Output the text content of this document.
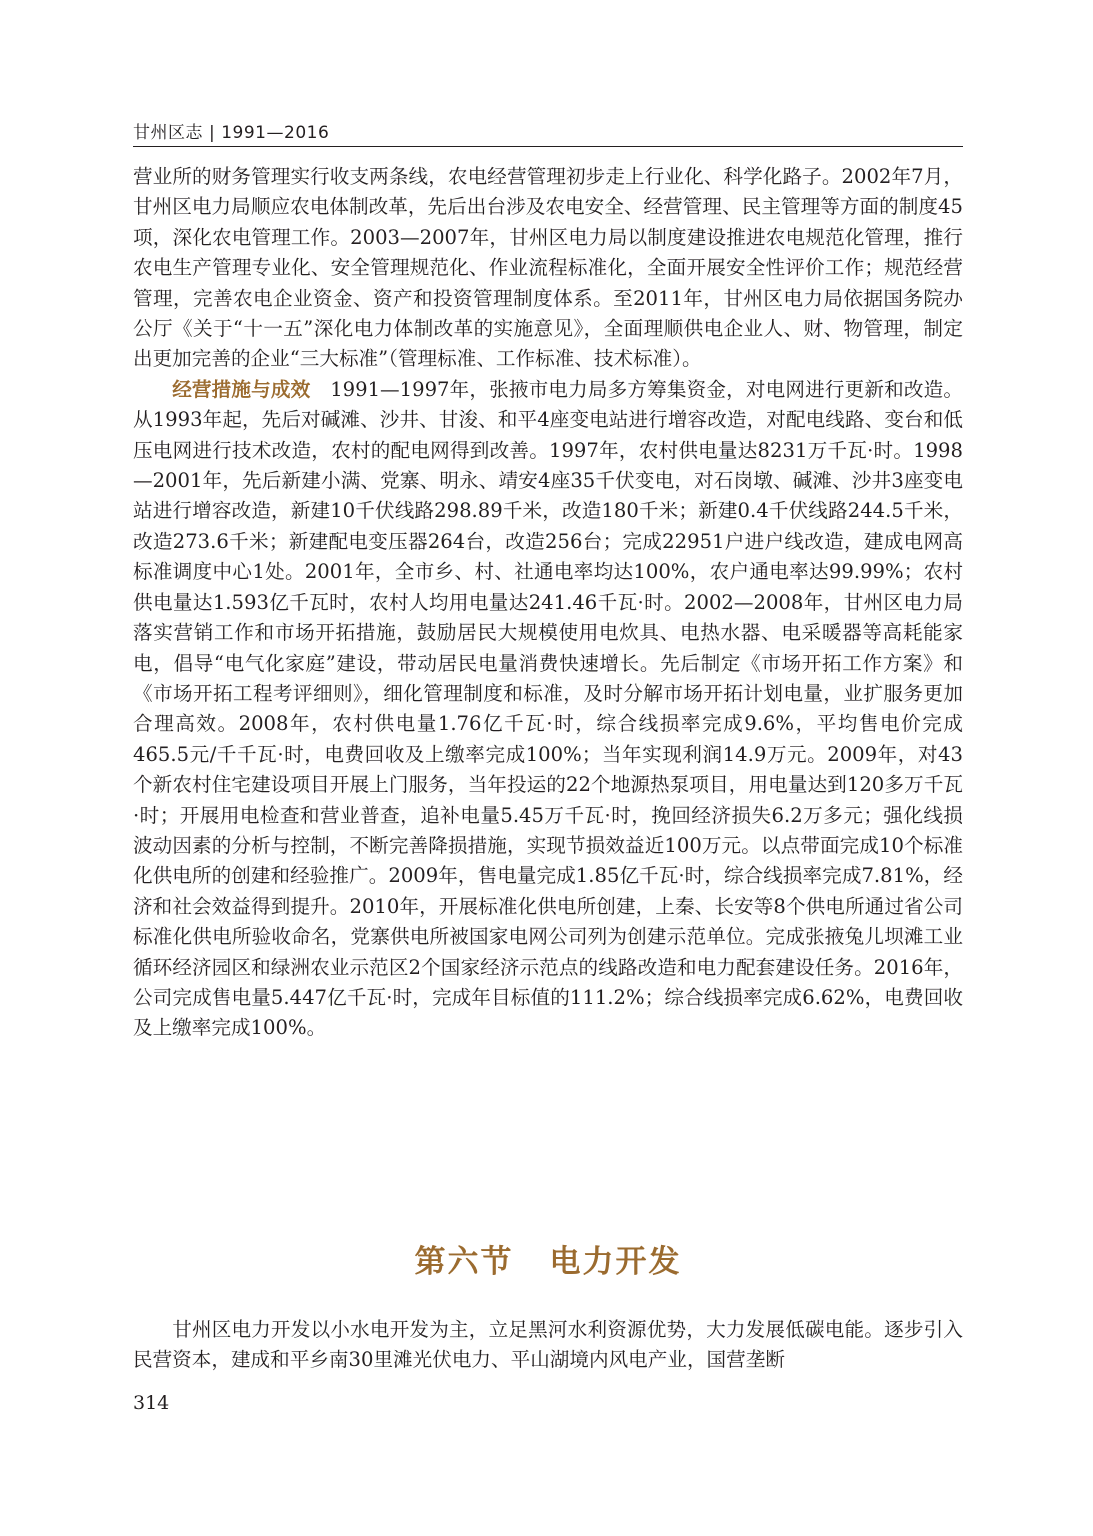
甘州区志 | 1991—2016

营业所的财务管理实行收支两条线，农电经营管理初步走上行业化、科学化路子。2002年7月，甘州区电力局顺应农电体制改革，先后出台涉及农电安全、经营管理、民主管理等方面的制度45项，深化农电管理工作。2003—2007年，甘州区电力局以制度建设推进农电规范化管理，推行农电生产管理专业化、安全管理规范化、作业流程标准化，全面开展安全性评价工作；规范经营管理，完善农电企业资金、资产和投资管理制度体系。至2011年，甘州区电力局依据国务院办公厅《关于“十一五”深化电力体制改革的实施意见》，全面理顺供电企业人、财、物管理，制定出更加完善的企业“三大标准”（管理标准、工作标准、技术标准）。

经营措施与成效　 1991—1997年，张掖市电力局多方筹集资金，对电网进行更新和改造。从1993年起，先后对碱滩、沙井、甘浚、和平4座变电站进行增容改造，对配电线路、变台和低压电网进行技术改造，农村的配电网得到改善。1997年，农村供电量达8231万千瓦·时。1998—2001年，先后新建小满、党寨、明永、靖安4座35千伏变电，对石岗墩、碱滩、沙井3座变电站进行增容改造，新建10千伏线路298.89千米，改造180千米；新建0.4千伏线路244.5千米，改造273.6千米；新建配电变压器264台，改造256台；完成22951户进户线改造，建成电网高标准调度中心1处。2001年，全市乡、村、社通电率均达100%，农户通电率达99.99%；农村供电量达1.593亿千瓦时，农村人均用电量达241.46千瓦·时。2002—2008年，甘州区电力局落实营销工作和市场开拓措施，鼓励居民大规模使用电炊具、电热水器、电采暖器等高耗能家电，倡导“电气化家庭”建设，带动居民电量消费快速增长。先后制定《市场开拓工作方案》和《市场开拓工程考评细则》，细化管理制度和标准，及时分解市场开拓计划电量，业扩服务更加合理高效。2008年，农村供电量1.76亿千瓦·时，综合线损率完成9.6%，平均售电价完成465.5元/千千瓦·时，电费回收及上缴率完成100%；当年实现利润14.9万元。2009年，对43个新农村住宅建设项目开展上门服务，当年投运的22个地源热泵项目，用电量达到120多万千瓦·时；开展用电检查和营业普查，追补电量5.45万千瓦·时，挽回经济损失6.2万多元；强化线损波动因素的分析与控制，不断完善降损措施，实现节损效益近100万元。以点带面完成10个标准化供电所的创建和经验推广。2009年，售电量完成1.85亿千瓦·时，综合线损率完成7.81%，经济和社会效益得到提升。2010年，开展标准化供电所创建，上秦、长安等8个供电所通过省公司标准化供电所验收命名，党寨供电所被国家电网公司列为创建示范单位。完成张掖兔儿坝滩工业循环经济园区和绿洲农业示范区2个国家经济示范点的线路改造和电力配套建设任务。2016年，公司完成售电量5.447亿千瓦·时，完成年目标值的111.2%；综合线损率完成6.62%，电费回收及上缴率完成100%。

第六节 电力开发

甘州区电力开发以小水电开发为主，立足黑河水利资源优势，大力发展低碳电能。逐步引入民营资本，建成和平乡南30里滩光伏电力、平山湖境内风电产业，国营垄断

314
